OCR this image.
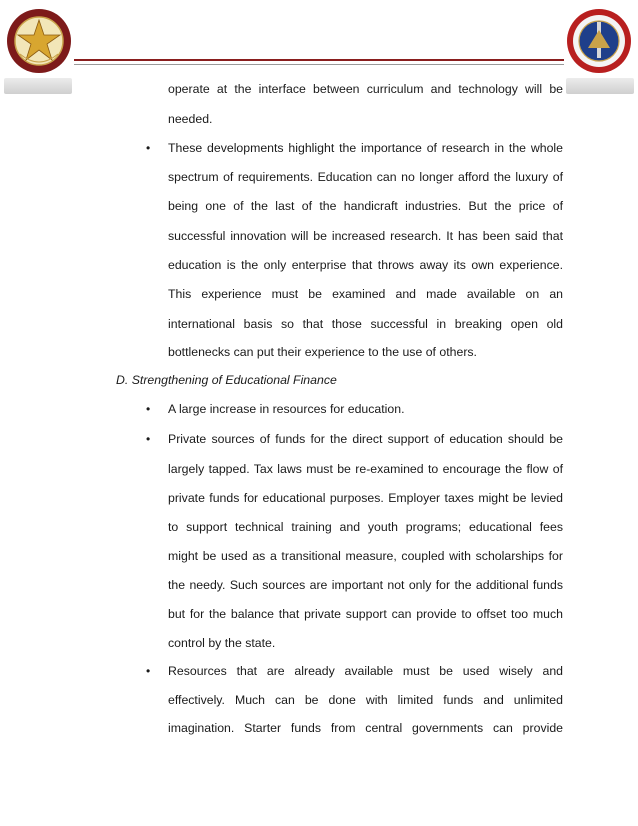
operate at the interface between curriculum and technology will be
needed.
These developments highlight the importance of research in the whole
•
spectrum of requirements. Education can no longer afford the luxury of
being one of the last of the handicraft industries. But the price of
successful innovation will be increased research. It has been said that
education is the only enterprise that throws away its own experience.
This experience must be examined and made available on an
international basis so that those successful in breaking open old
bottlenecks can put their experience to the use of others.
D. Strengthening of Educational Finance
A large increase in resources for education.
•
Private sources of funds for the direct support of education should be
•
largely tapped. Tax laws must be re-examined to encourage the flow of
private funds for educational purposes. Employer taxes might be levied
to support technical training and youth programs; educational fees
might be used as a transitional measure, coupled with scholarships for
the needy. Such sources are important not only for the additional funds
but for the balance that private support can provide to offset too much
control by the state.
Resources that are already available must be used wisely and
•
effectively. Much can be done with limited funds and unlimited
imagination. Starter funds from central governments can provide
